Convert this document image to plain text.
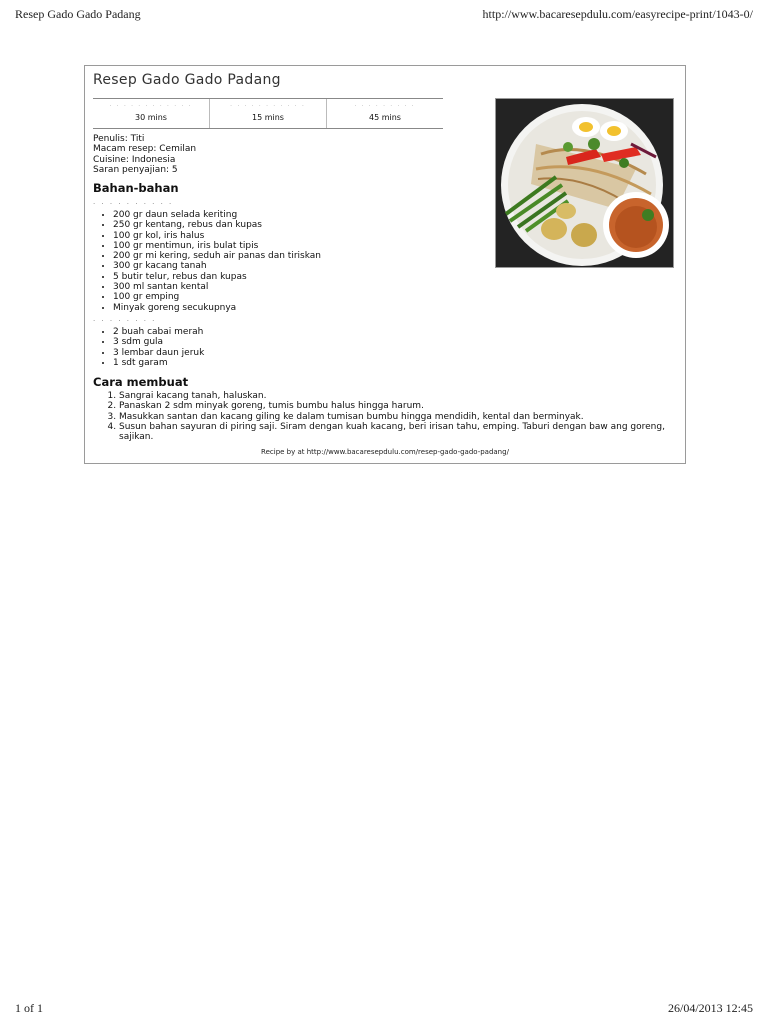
Resep Gado Gado Padang	http://www.bacaresepdulu.com/easyrecipe-print/1043-0/
Resep Gado Gado Padang
· · · · · · · · · · · ·
30 mins
· · · · · · · · · · ·
15 mins
· · · · · · · · ·
45 mins
Penulis: Titi
Macam resep: Cemilan
Cuisine: Indonesia
Saran penyajian: 5
Bahan-bahan
· · · · · · · · · ·
• 200 gr daun selada keriting
• 250 gr kentang, rebus dan kupas
• 100 gr kol, iris halus
• 100 gr mentimun, iris bulat tipis
• 200 gr mi kering, seduh air panas dan tiriskan
• 300 gr kacang tanah
• 5 butir telur, rebus dan kupas
• 300 ml santan kental
• 100 gr emping
• Minyak goreng secukupnya
· · · · · · · ·
• 2 buah cabai merah
• 3 sdm gula
• 3 lembar daun jeruk
• 1 sdt garam
Cara membuat
1. Sangrai kacang tanah, haluskan.
2. Panaskan 2 sdm minyak goreng, tumis bumbu halus hingga harum.
3. Masukkan santan dan kacang giling ke dalam tumisan bumbu hingga mendidih, kental dan berminyak.
4. Susun bahan sayuran di piring saji. Siram dengan kuah kacang, beri irisan tahu, emping. Taburi dengan baw ang goreng, sajikan.
Recipe by at http://www.bacaresepdulu.com/resep-gado-gado-padang/
1 of 1	26/04/2013 12:45
